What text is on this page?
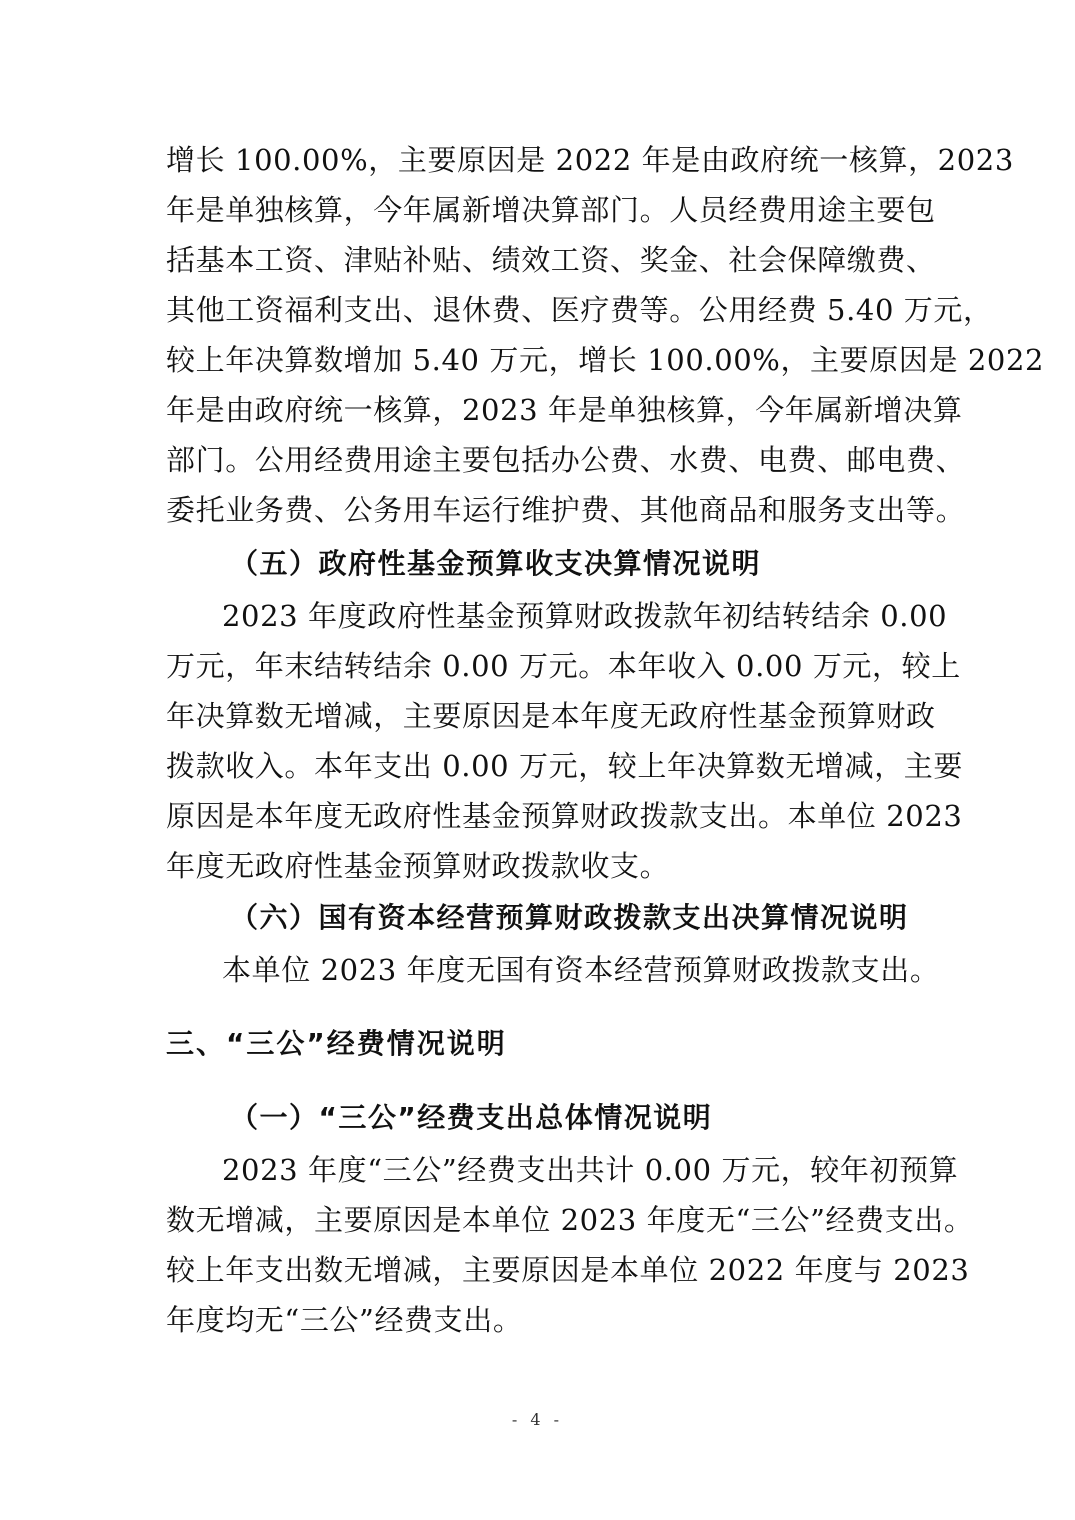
增长 100.00%，主要原因是 2022 年是由政府统一核算，2023
年是单独核算，今年属新增决算部门。人员经费用途主要包
括基本工资、津贴补贴、绩效工资、奖金、社会保障缴费、
其他工资福利支出、退休费、医疗费等。公用经费 5.40 万元，
较上年决算数增加 5.40 万元，增长 100.00%，主要原因是 2022
年是由政府统一核算，2023 年是单独核算，今年属新增决算
部门。公用经费用途主要包括办公费、水费、电费、邮电费、
委托业务费、公务用车运行维护费、其他商品和服务支出等。
（五）政府性基金预算收支决算情况说明
2023 年度政府性基金预算财政拨款年初结转结余 0.00
万元，年末结转结余 0.00 万元。本年收入 0.00 万元，较上
年决算数无增减，主要原因是本年度无政府性基金预算财政
拨款收入。本年支出 0.00 万元，较上年决算数无增减，主要
原因是本年度无政府性基金预算财政拨款支出。本单位 2023
年度无政府性基金预算财政拨款收支。
（六）国有资本经营预算财政拨款支出决算情况说明
本单位 2023 年度无国有资本经营预算财政拨款支出。
三、“三公”经费情况说明
（一）“三公”经费支出总体情况说明
2023 年度“三公”经费支出共计 0.00 万元，较年初预算
数无增减，主要原因是本单位 2023 年度无“三公”经费支出。
较上年支出数无增减，主要原因是本单位 2022 年度与 2023
年度均无“三公”经费支出。
- 4 -
